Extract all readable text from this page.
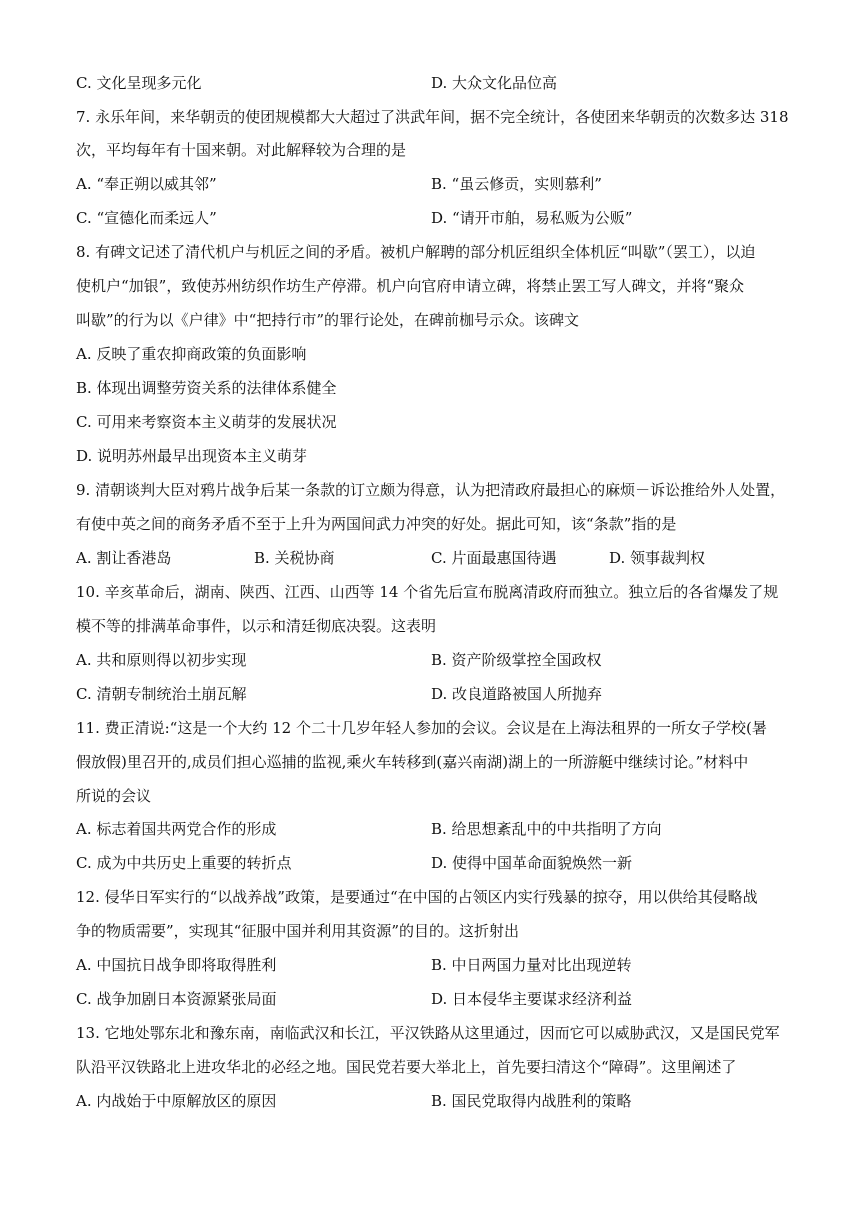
C. 文化呈现多元化	D. 大众文化品位高
7. 永乐年间，来华朝贡的使团规模都大大超过了洪武年间，据不完全统计，各使团来华朝贡的次数多达 318
次，平均每年有十国来朝。对此解释较为合理的是
A. “奉正朔以威其邻”	B. “虽云修贡，实则慕利”
C. “宣德化而柔远人”	D. “请开市舶，易私贩为公贩”
8. 有碑文记述了清代机户与机匠之间的矛盾。被机户解聘的部分机匠组织全体机匠“叫歇”（罢工），以迫
使机户“加银”，致使苏州纺织作坊生产停滞。机户向官府申请立碑，将禁止罢工写人碑文，并将“聚众
叫歇”的行为以《户律》中“把持行市”的罪行论处，在碑前枷号示众。该碑文
A. 反映了重农抑商政策的负面影响
B. 体现出调整劳资关系的法律体系健全
C. 可用来考察资本主义萌芽的发展状况
D. 说明苏州最早出现资本主义萌芽
9. 清朝谈判大臣对鸦片战争后某一条款的订立颇为得意，认为把清政府最担心的麻烦－诉讼推给外人处置，
有使中英之间的商务矛盾不至于上升为两国间武力冲突的好处。据此可知，该“条款”指的是
A. 割让香港岛	B. 关税协商	C. 片面最惠国待遇	D. 领事裁判权
10. 辛亥革命后，湖南、陕西、江西、山西等 14 个省先后宣布脱离清政府而独立。独立后的各省爆发了规
模不等的排满革命事件，以示和清廷彻底决裂。这表明
A. 共和原则得以初步实现	B. 资产阶级掌控全国政权
C. 清朝专制统治土崩瓦解	D. 改良道路被国人所抛弃
11. 费正清说:“这是一个大约 12 个二十几岁年轻人参加的会议。会议是在上海法租界的一所女子学校(暑
假放假)里召开的,成员们担心巡捕的监视,乘火车转移到(嘉兴南湖)湖上的一所游艇中继续讨论。”材料中
所说的会议
A. 标志着国共两党合作的形成	B. 给思想紊乱中的中共指明了方向
C. 成为中共历史上重要的转折点	D. 使得中国革命面貌焕然一新
12. 侵华日军实行的“以战养战”政策，是要通过“在中国的占领区内实行残暴的掠夺，用以供给其侵略战
争的物质需要”，实现其“征服中国并利用其资源”的目的。这折射出
A. 中国抗日战争即将取得胜利	B. 中日两国力量对比出现逆转
C. 战争加剧日本资源紧张局面	D. 日本侵华主要谋求经济利益
13. 它地处鄂东北和豫东南，南临武汉和长江，平汉铁路从这里通过，因而它可以威胁武汉，又是国民党军
队沿平汉铁路北上进攻华北的必经之地。国民党若要大举北上，首先要扫清这个“障碍”。这里阐述了
A. 内战始于中原解放区的原因	B. 国民党取得内战胜利的策略
